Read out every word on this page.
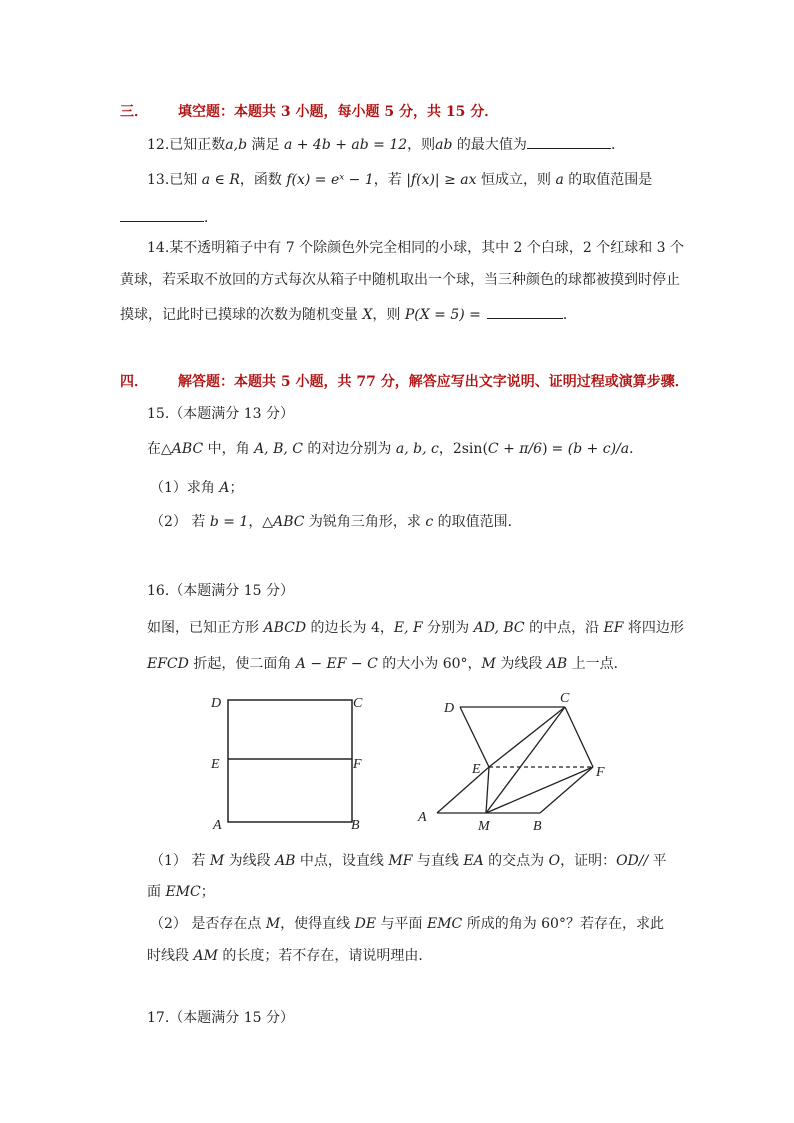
三． 填空题：本题共 3 小题，每小题 5 分，共 15 分．
12.已知正数a,b 满足 a + 4b + ab = 12，则ab 的最大值为	．
13.已知 a ∈ R，函数 f(x) = eˣ − 1，若 |f(x)| ≥ ax 恒成立，则 a 的取值范围是
．
14.某不透明箱子中有 7 个除颜色外完全相同的小球，其中 2 个白球，2 个红球和 3 个
黄球，若采取不放回的方式每次从箱子中随机取出一个球，当三种颜色的球都被摸到时停止
摸球，记此时已摸球的次数为随机变量 X，则 P(X = 5) =	．
四． 解答题：本题共 5 小题，共 77 分，解答应写出文字说明、证明过程或演算步骤．
15.（本题满分 13 分）
在△ABC 中，角 A, B, C 的对边分别为 a, b, c，2sin(C + π/6) = (b + c)/a．
（1）求角 A；
（2） 若 b = 1，△ABC 为锐角三角形，求 c 的取值范围．
16.（本题满分 15 分）
如图，已知正方形 ABCD 的边长为 4，E, F 分别为 AD, BC 的中点，沿 EF 将四边形
EFCD 折起，使二面角 A − EF − C 的大小为 60°，M 为线段 AB 上一点．
D	C
E	F
A	B
D
C
E	F
A
M	B
（1） 若 M 为线段 AB 中点，设直线 MF 与直线 EA 的交点为 O，证明：OD// 平
面 EMC；
（2） 是否存在点 M，使得直线 DE 与平面 EMC 所成的角为 60°？若存在，求此
时线段 AM 的长度；若不存在，请说明理由．
17.（本题满分 15 分）
